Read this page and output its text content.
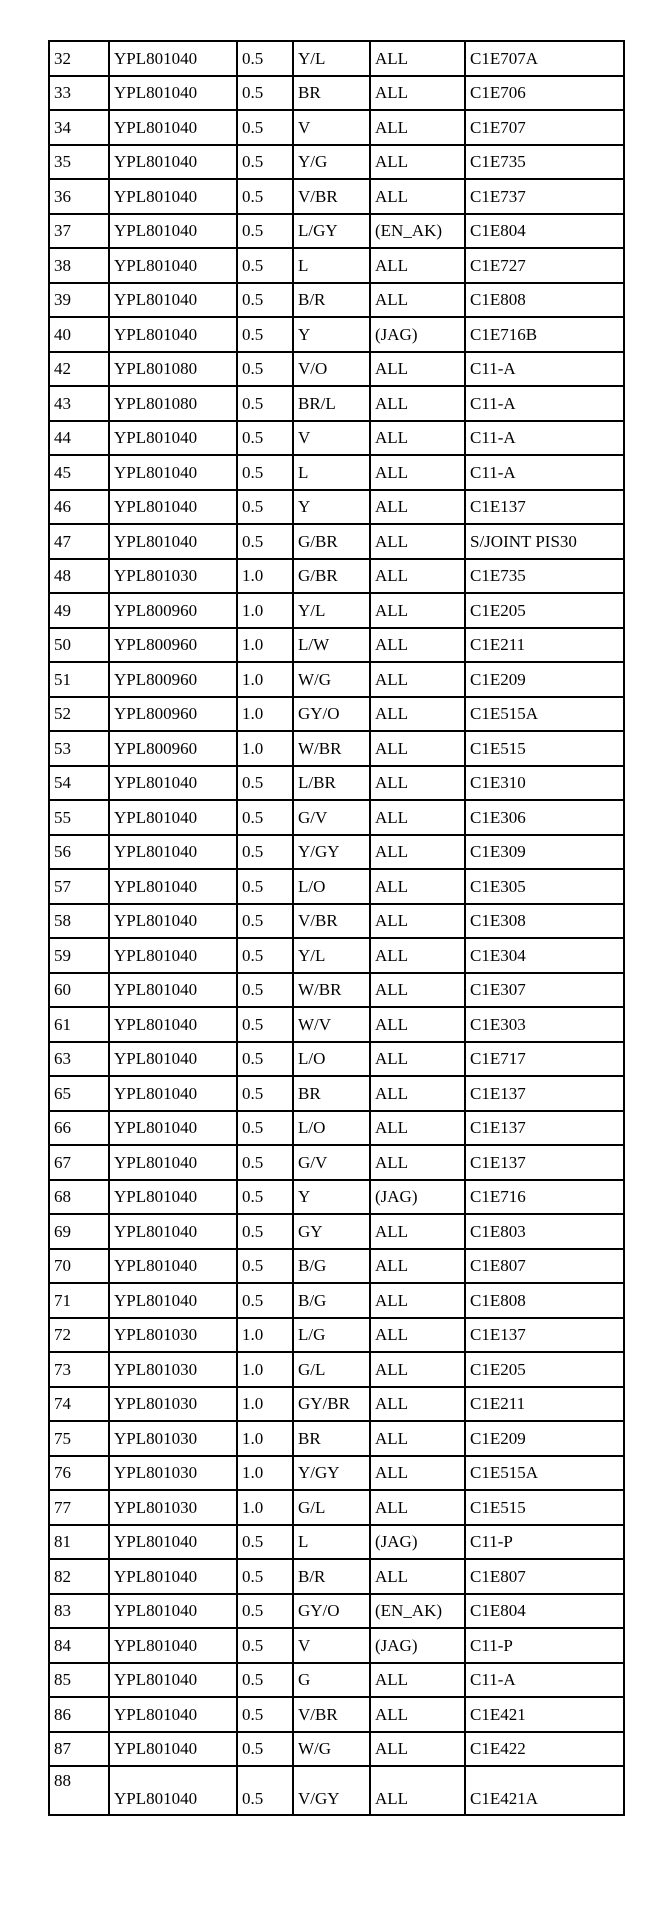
32	YPL801040	0.5	Y/L	ALL	C1E707A
33	YPL801040	0.5	BR	ALL	C1E706
34	YPL801040	0.5	V	ALL	C1E707
35	YPL801040	0.5	Y/G	ALL	C1E735
36	YPL801040	0.5	V/BR	ALL	C1E737
37	YPL801040	0.5	L/GY	(EN_AK)	C1E804
38	YPL801040	0.5	L	ALL	C1E727
39	YPL801040	0.5	B/R	ALL	C1E808
40	YPL801040	0.5	Y	(JAG)	C1E716B
42	YPL801080	0.5	V/O	ALL	C11-A
43	YPL801080	0.5	BR/L	ALL	C11-A
44	YPL801040	0.5	V	ALL	C11-A
45	YPL801040	0.5	L	ALL	C11-A
46	YPL801040	0.5	Y	ALL	C1E137
47	YPL801040	0.5	G/BR	ALL	S/JOINT PIS30
48	YPL801030	1.0	G/BR	ALL	C1E735
49	YPL800960	1.0	Y/L	ALL	C1E205
50	YPL800960	1.0	L/W	ALL	C1E211
51	YPL800960	1.0	W/G	ALL	C1E209
52	YPL800960	1.0	GY/O	ALL	C1E515A
53	YPL800960	1.0	W/BR	ALL	C1E515
54	YPL801040	0.5	L/BR	ALL	C1E310
55	YPL801040	0.5	G/V	ALL	C1E306
56	YPL801040	0.5	Y/GY	ALL	C1E309
57	YPL801040	0.5	L/O	ALL	C1E305
58	YPL801040	0.5	V/BR	ALL	C1E308
59	YPL801040	0.5	Y/L	ALL	C1E304
60	YPL801040	0.5	W/BR	ALL	C1E307
61	YPL801040	0.5	W/V	ALL	C1E303
63	YPL801040	0.5	L/O	ALL	C1E717
65	YPL801040	0.5	BR	ALL	C1E137
66	YPL801040	0.5	L/O	ALL	C1E137
67	YPL801040	0.5	G/V	ALL	C1E137
68	YPL801040	0.5	Y	(JAG)	C1E716
69	YPL801040	0.5	GY	ALL	C1E803
70	YPL801040	0.5	B/G	ALL	C1E807
71	YPL801040	0.5	B/G	ALL	C1E808
72	YPL801030	1.0	L/G	ALL	C1E137
73	YPL801030	1.0	G/L	ALL	C1E205
74	YPL801030	1.0	GY/BR	ALL	C1E211
75	YPL801030	1.0	BR	ALL	C1E209
76	YPL801030	1.0	Y/GY	ALL	C1E515A
77	YPL801030	1.0	G/L	ALL	C1E515
81	YPL801040	0.5	L	(JAG)	C11-P
82	YPL801040	0.5	B/R	ALL	C1E807
83	YPL801040	0.5	GY/O	(EN_AK)	C1E804
84	YPL801040	0.5	V	(JAG)	C11-P
85	YPL801040	0.5	G	ALL	C11-A
86	YPL801040	0.5	V/BR	ALL	C1E421
87	YPL801040	0.5	W/G	ALL	C1E422
88	YPL801040	0.5	V/GY	ALL	C1E421A
